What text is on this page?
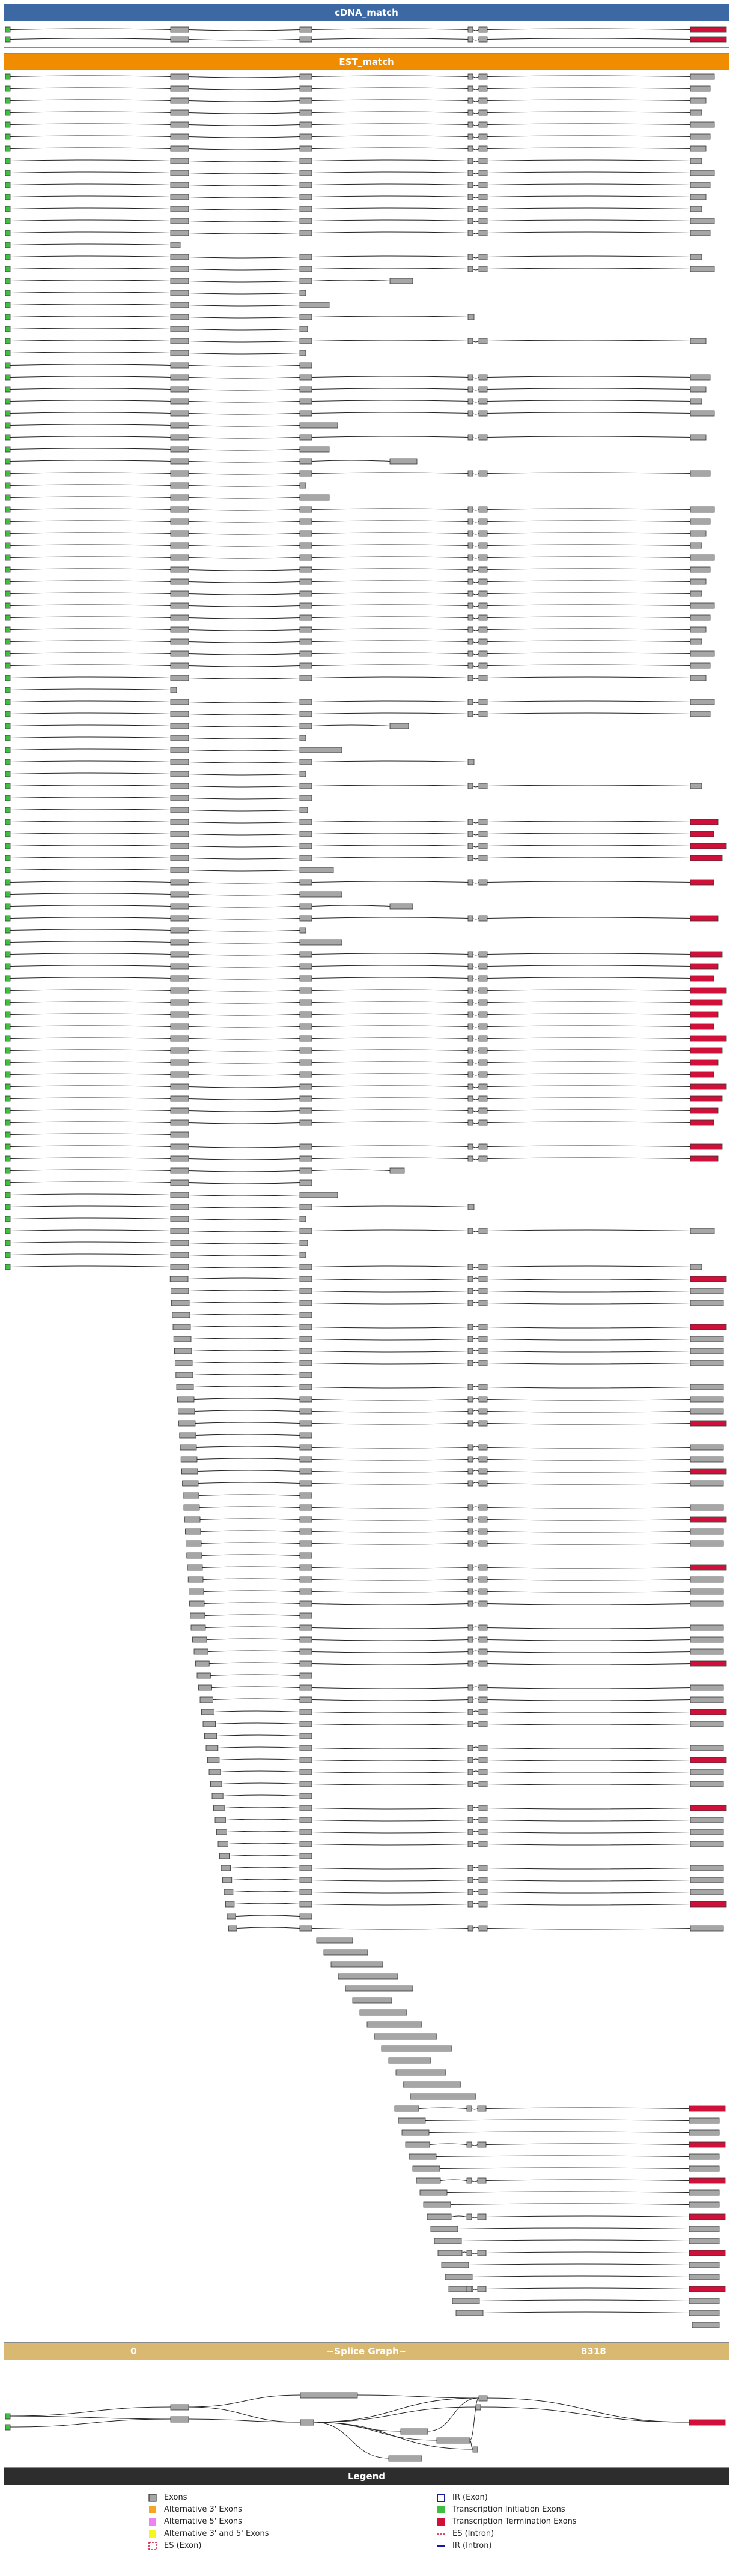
cDNA_match
EST_match
0	~Splice Graph~	8318
Legend
Exons	IR (Exon)
Alternative 3' Exons	Transcription Initiation Exons
Alternative 5' Exons	Transcription Termination Exons
Alternative 3' and 5' Exons	ES (Intron)
ES (Exon)	IR (Intron)
